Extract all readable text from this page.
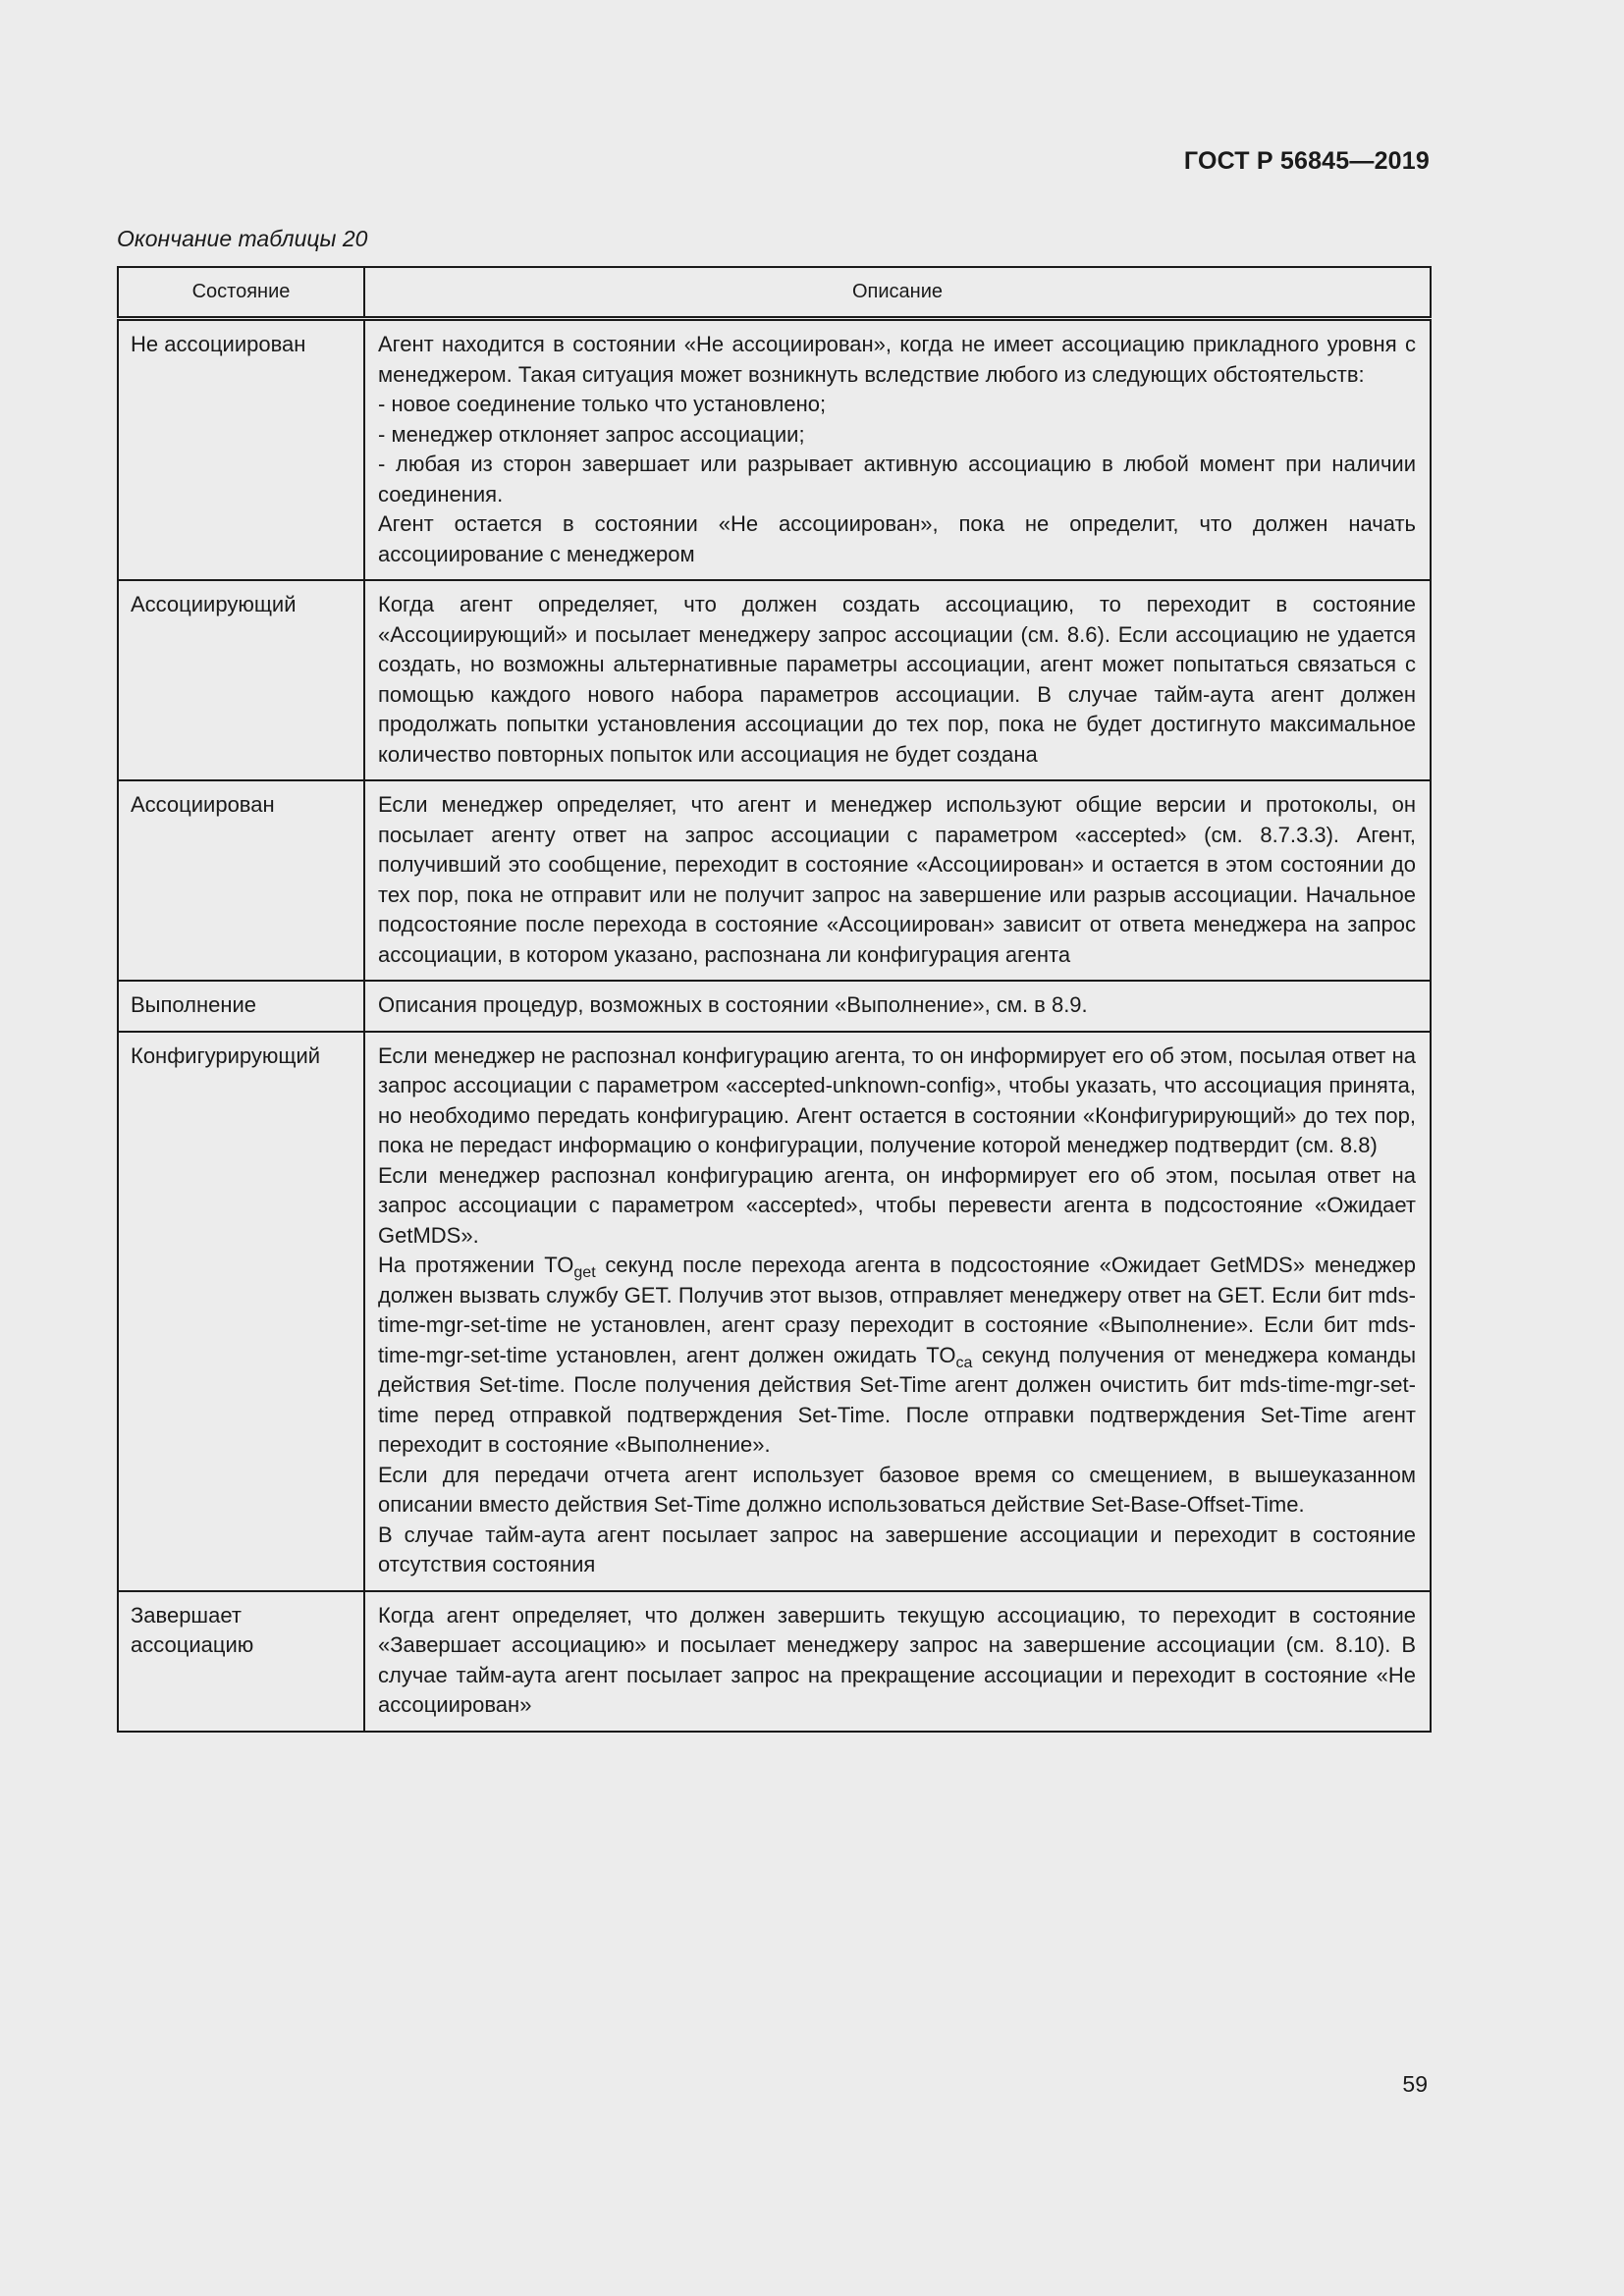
ГОСТ Р 56845—2019
Окончание таблицы 20
Состояние	Описание
Не ассоциирован	Агент находится в состоянии «Не ассоциирован», когда не имеет ассоциацию прикладного уровня с менеджером. Такая ситуация может возникнуть вследствие любого из следующих обстоятельств:

- новое соединение только что установлено;

- менеджер отклоняет запрос ассоциации;

- любая из сторон завершает или разрывает активную ассоциацию в любой момент при наличии соединения.

Агент остается в состоянии «Не ассоциирован», пока не определит, что должен начать ассоциирование с менеджером

Ассоциирующий	Когда агент определяет, что должен создать ассоциацию, то переходит в состояние «Ассоциирующий» и посылает менеджеру запрос ассоциации (см. 8.6). Если ассоциацию не удается создать, но возможны альтернативные параметры ассоциации, агент может попытаться связаться с помощью каждого нового набора параметров ассоциации. В случае тайм-аута агент должен продолжать попытки установления ассоциации до тех пор, пока не будет достигнуто максимальное количество повторных попыток или ассоциация не будет создана

Ассоциирован	Если менеджер определяет, что агент и менеджер используют общие версии и протоколы, он посылает агенту ответ на запрос ассоциации с параметром «accepted» (см. 8.7.3.3). Агент, получивший это сообщение, переходит в состояние «Ассоциирован» и остается в этом состоянии до тех пор, пока не отправит или не получит запрос на завершение или разрыв ассоциации. Начальное подсостояние после перехода в состояние «Ассоциирован» зависит от ответа менеджера на запрос ассоциации, в котором указано, распознана ли конфигурация агента

Выполнение	Описания процедур, возможных в состоянии «Выполнение», см. в 8.9.

Конфигурирующий	Если менеджер не распознал конфигурацию агента, то он информирует его об этом, посылая ответ на запрос ассоциации с параметром «accepted-unknown-config», чтобы указать, что ассоциация принята, но необходимо передать конфигурацию. Агент остается в состоянии «Конфигурирующий» до тех пор, пока не передаст информацию о конфигурации, получение которой менеджер подтвердит (см. 8.8)

Если менеджер распознал конфигурацию агента, он информирует его об этом, посылая ответ на запрос ассоциации с параметром «accepted», чтобы перевести агента в подсостояние «Ожидает GetMDS».

На протяжении $TO_{get}$ секунд после перехода агента в подсостояние «Ожидает GetMDS» менеджер должен вызвать службу GET. Получив этот вызов, отправляет менеджеру ответ на GET. Если бит mds-time-mgr-set-time не установлен, агент сразу переходит в состояние «Выполнение». Если бит mds-time-mgr-set-time установлен, агент должен ожидать $TO_{ca}$ секунд получения от менеджера команды действия Set-time. После получения действия Set-Time агент должен очистить бит mds-time-mgr-set-time перед отправкой подтверждения Set-Time. После отправки подтверждения Set-Time агент переходит в состояние «Выполнение».

Если для передачи отчета агент использует базовое время со смещением, в вышеуказанном описании вместо действия Set-Time должно использоваться действие Set-Base-Offset-Time.

В случае тайм-аута агент посылает запрос на завершение ассоциации и переходит в состояние отсутствия состояния

Завершает ассоциацию	Когда агент определяет, что должен завершить текущую ассоциацию, то переходит в состояние «Завершает ассоциацию» и посылает менеджеру запрос на завершение ассоциации (см. 8.10). В случае тайм-аута агент посылает запрос на прекращение ассоциации и переходит в состояние «Не ассоциирован»

59
